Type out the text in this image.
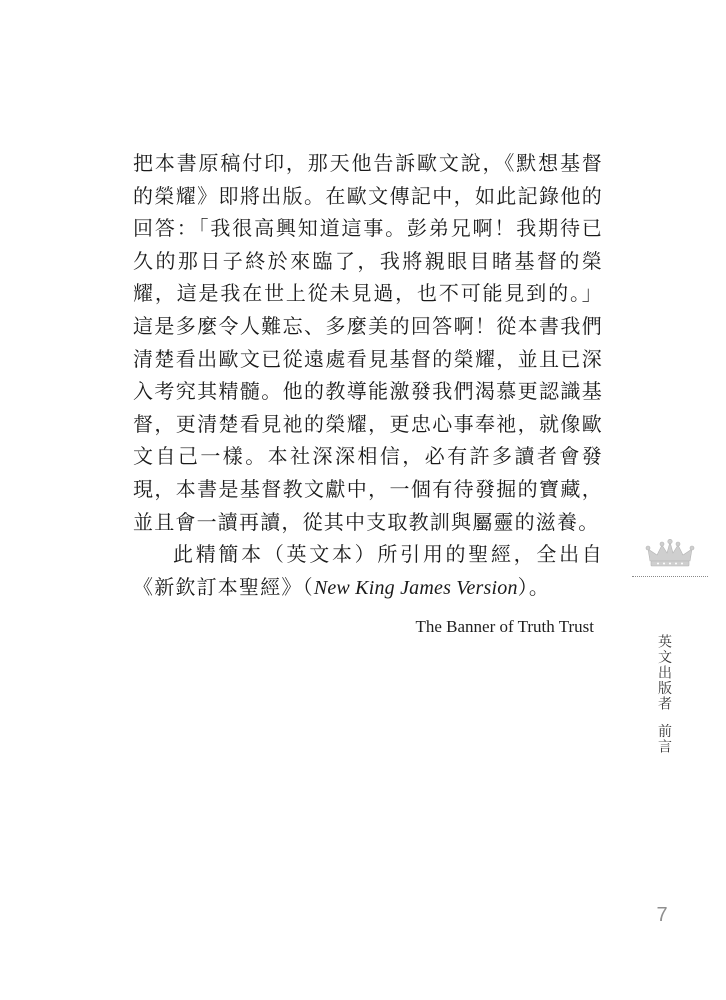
把本書原稿付印，那天他告訴歐文說，《默想基督的榮耀》即將出版。在歐文傳記中，如此記錄他的回答：「我很高興知道這事。彭弟兄啊！我期待已久的那日子終於來臨了，我將親眼目睹基督的榮耀，這是我在世上從未見過，也不可能見到的。」這是多麼令人難忘、多麼美的回答啊！從本書我們清楚看出歐文已從遠處看見基督的榮耀，並且已深入考究其精髓。他的教導能激發我們渴慕更認識基督，更清楚看見祂的榮耀，更忠心事奉祂，就像歐文自己一樣。本社深深相信，必有許多讀者會發現，本書是基督教文獻中，一個有待發掘的寶藏，並且會一讀再讀，從其中支取教訓與屬靈的滋養。

此精簡本（英文本）所引用的聖經，全出自《新欽訂本聖經》（New King James Version）。

The Banner of Truth Trust
英文出版者前言
7
